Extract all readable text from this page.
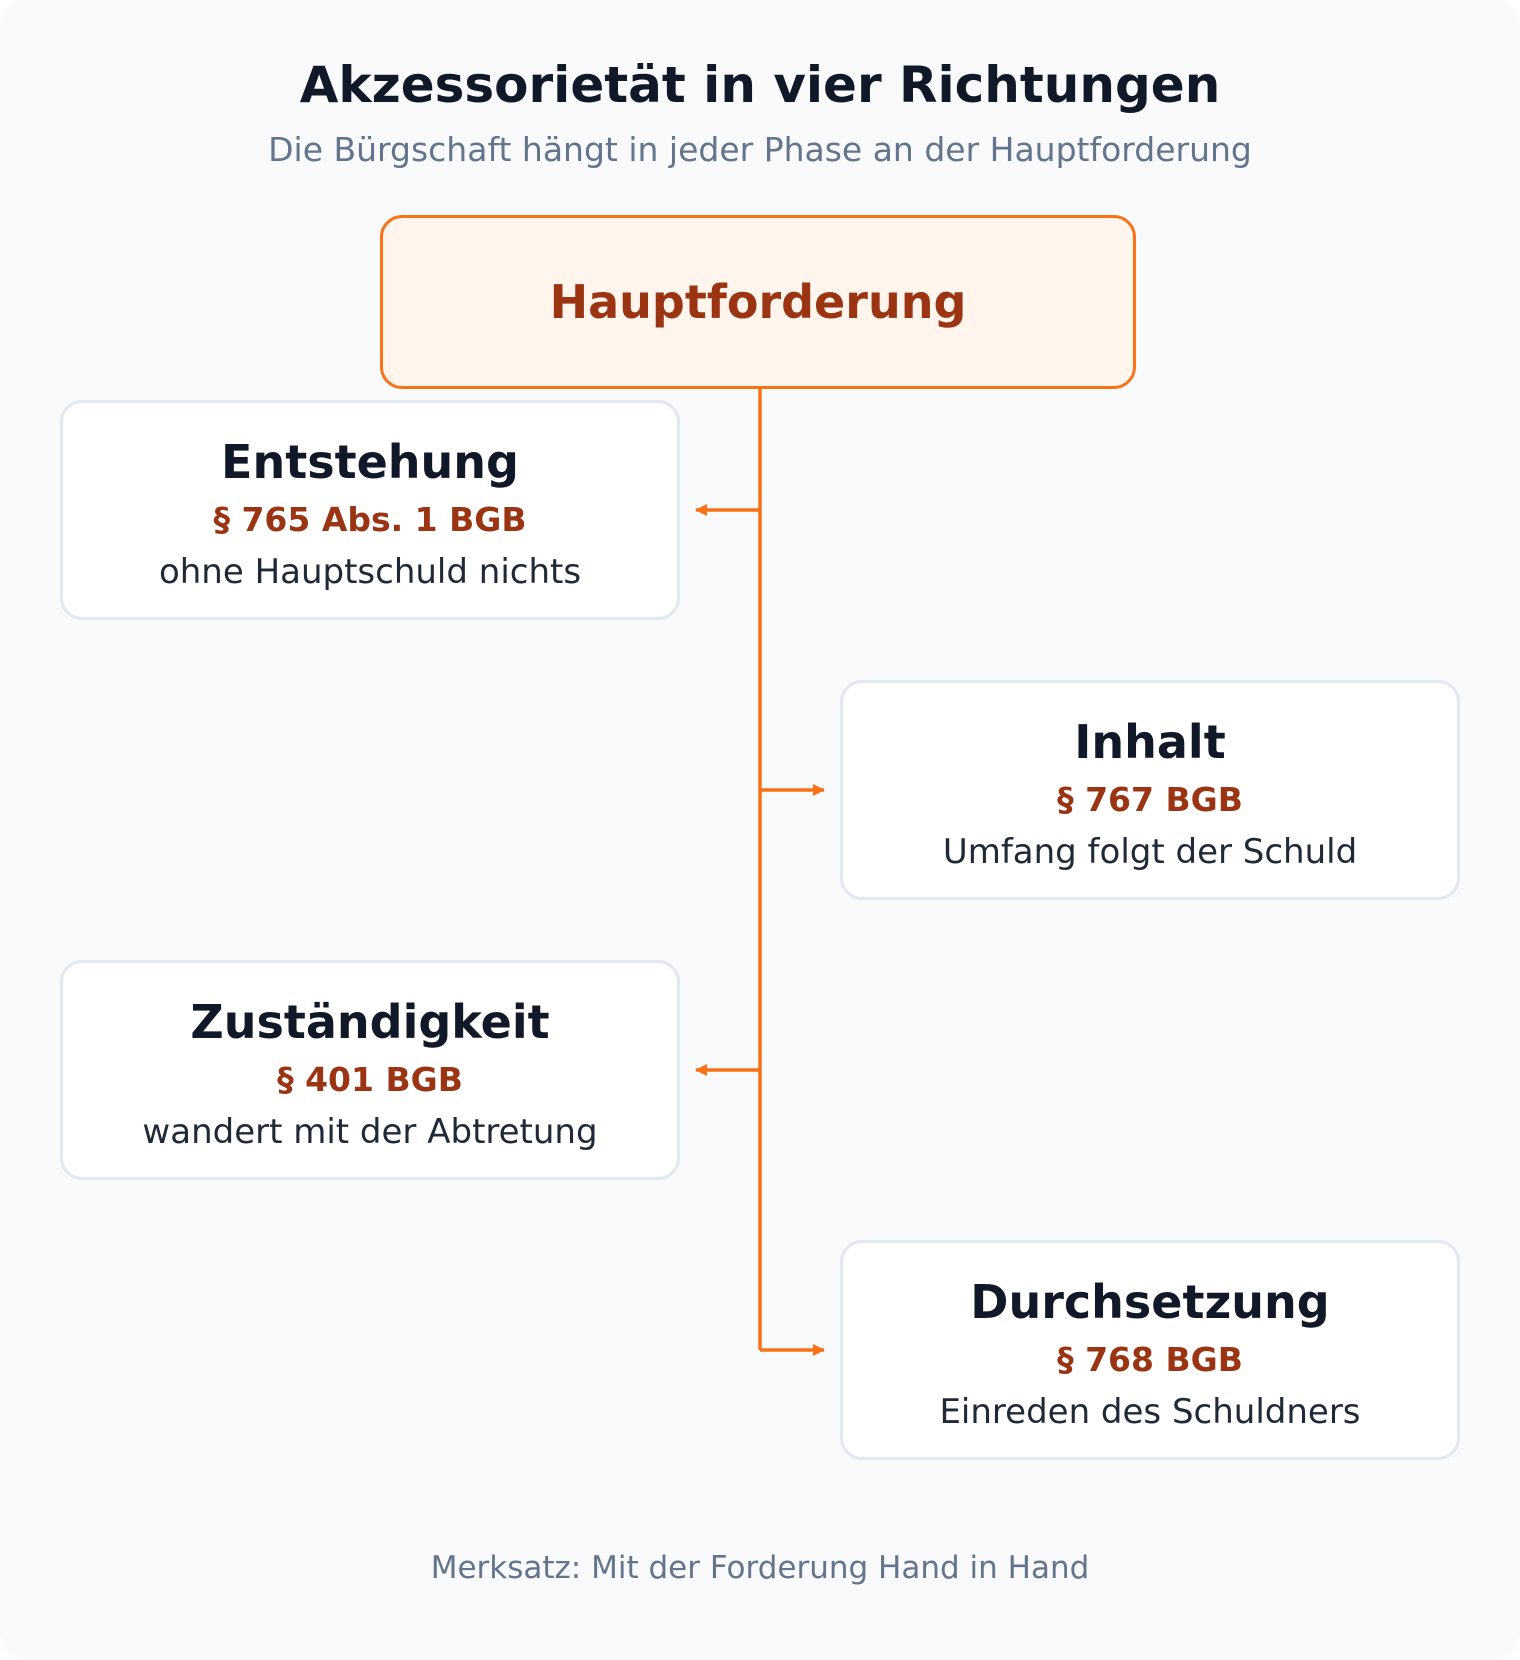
Akzessorietät in vier Richtungen
Die Bürgschaft hängt in jeder Phase an der Hauptforderung
Hauptforderung
Entstehung
§ 765 Abs. 1 BGB
ohne Hauptschuld nichts
Inhalt
§ 767 BGB
Umfang folgt der Schuld
Zuständigkeit
§ 401 BGB
wandert mit der Abtretung
Durchsetzung
§ 768 BGB
Einreden des Schuldners
Merksatz: Mit der Forderung Hand in Hand
